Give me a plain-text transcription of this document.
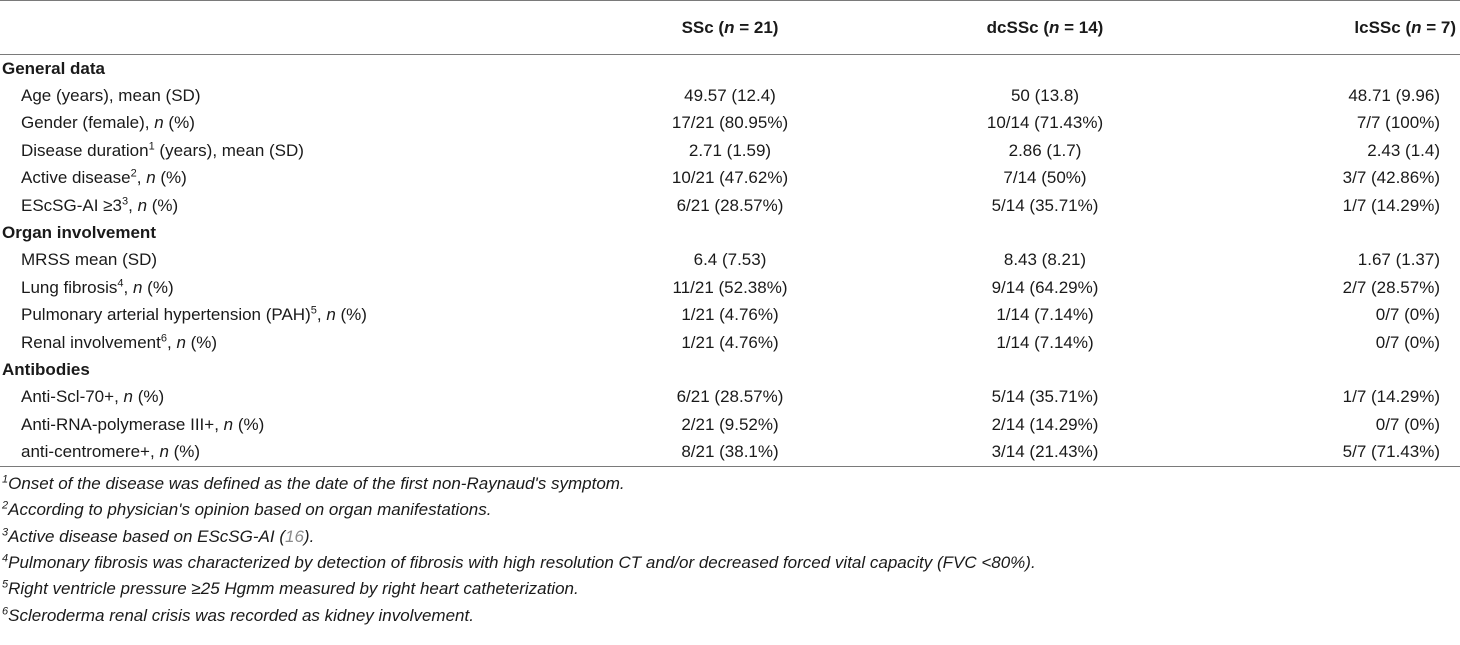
	SSc (n = 21)	dcSSc (n = 14)	lcSSc (n = 7)
General data			
Age (years), mean (SD)	49.57 (12.4)	50 (13.8)	48.71 (9.96)
Gender (female), n (%)	17/21 (80.95%)	10/14 (71.43%)	7/7 (100%)
Disease duration$^1$ (years), mean (SD)	2.71 (1.59)	2.86 (1.7)	2.43 (1.4)
Active disease$^2$, n (%)	10/21 (47.62%)	7/14 (50%)	3/7 (42.86%)
EScSG-AI $\ge 3^3$, n (%)	6/21 (28.57%)	5/14 (35.71%)	1/7 (14.29%)
Organ involvement			
MRSS mean (SD)	6.4 (7.53)	8.43 (8.21)	1.67 (1.37)
Lung fibrosis$^4$, n (%)	11/21 (52.38%)	9/14 (64.29%)	2/7 (28.57%)
Pulmonary arterial hypertension (PAH)$^5$, n (%)	1/21 (4.76%)	1/14 (7.14%)	0/7 (0%)
Renal involvement$^6$, n (%)	1/21 (4.76%)	1/14 (7.14%)	0/7 (0%)
Antibodies			
Anti-Scl-70+, n (%)	6/21 (28.57%)	5/14 (35.71%)	1/7 (14.29%)
Anti-RNA-polymerase III+, n (%)	2/21 (9.52%)	2/14 (14.29%)	0/7 (0%)
anti-centromere+, n (%)	8/21 (38.1%)	3/14 (21.43%)	5/7 (71.43%)
$^1$Onset of the disease was defined as the date of the first non-Raynaud's symptom.
$^2$According to physician's opinion based on organ manifestations.
$^3$Active disease based on EScSG-AI (16).
$^4$Pulmonary fibrosis was characterized by detection of fibrosis with high resolution CT and/or decreased forced vital capacity (FVC <80%).
$^5$Right ventricle pressure ≥25 Hgmm measured by right heart catheterization.
$^6$Scleroderma renal crisis was recorded as kidney involvement.
